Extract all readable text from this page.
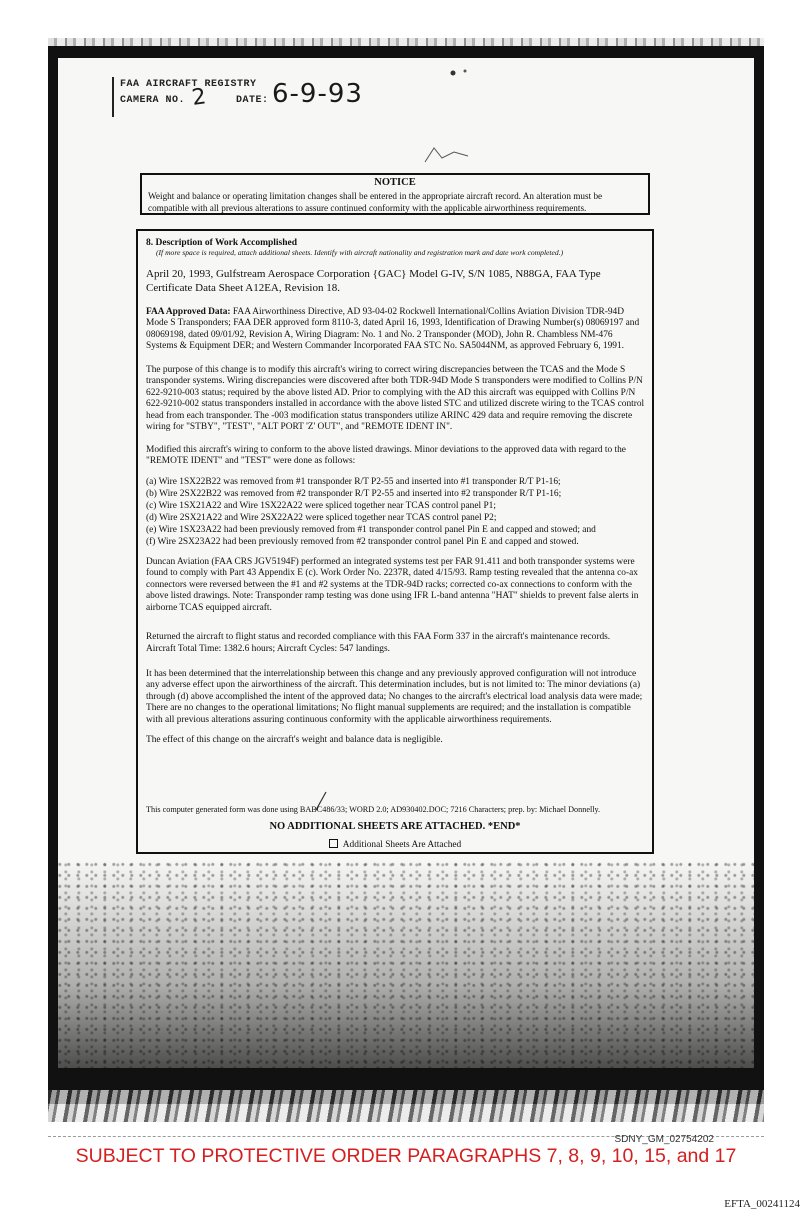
FAA AIRCRAFT REGISTRY
CAMERA NO. 2	DATE: 6-9-93
NOTICE
Weight and balance or operating limitation changes shall be entered in the appropriate aircraft record. An alteration must be compatible with all previous alterations to assure continued conformity with the applicable airworthiness requirements.
8. Description of Work Accomplished
(If more space is required, attach additional sheets. Identify with aircraft nationality and registration mark and date work completed.)

April 20, 1993, Gulfstream Aerospace Corporation {GAC} Model G-IV, S/N 1085, N88GA, FAA Type Certificate Data Sheet A12EA, Revision 18.

FAA Approved Data: FAA Airworthiness Directive, AD 93-04-02 Rockwell International/Collins Aviation Division TDR-94D Mode S Transponders; FAA DER approved form 8110-3, dated April 16, 1993, Identification of Drawing Number(s) 08069197 and 08069198, dated 09/01/92, Revision A, Wiring Diagram: No. 1 and No. 2 Transponder (MOD), John R. Chambless NM-476 Systems & Equipment DER; and Western Commander Incorporated FAA STC No. SA5044NM, as approved February 6, 1991.

The purpose of this change is to modify this aircraft's wiring to correct wiring discrepancies between the TCAS and the Mode S transponder systems. Wiring discrepancies were discovered after both TDR-94D Mode S transponders were modified to Collins P/N 622-9210-003 status; required by the above listed AD. Prior to complying with the AD this aircraft was equipped with Collins P/N 622-9210-002 status transponders installed in accordance with the above listed STC and utilized discrete wiring to the TCAS control head from each transponder. The -003 modification status transponders utilize ARINC 429 data and require removing the discrete wiring for "STBY", "TEST", "ALT PORT 'Z' OUT", and "REMOTE IDENT IN".

Modified this aircraft's wiring to conform to the above listed drawings. Minor deviations to the approved data with regard to the "REMOTE IDENT" and "TEST" were done as follows:

(a) Wire 1SX22B22 was removed from #1 transponder R/T P2-55 and inserted into #1 transponder R/T P1-16;
(b) Wire 2SX22B22 was removed from #2 transponder R/T P2-55 and inserted into #2 transponder R/T P1-16;
(c) Wire 1SX21A22 and Wire 1SX22A22 were spliced together near TCAS control panel P1;
(d) Wire 2SX21A22 and Wire 2SX22A22 were spliced together near TCAS control panel P2;
(e) Wire 1SX23A22 had been previously removed from #1 transponder control panel Pin E and capped and stowed; and
(f) Wire 2SX23A22 had been previously removed from #2 transponder control panel Pin E and capped and stowed.

Duncan Aviation (FAA CRS JGV5194F) performed an integrated systems test per FAR 91.411 and both transponder systems were found to comply with Part 43 Appendix E (c). Work Order No. 2237R, dated 4/15/93. Ramp testing revealed that the antenna co-ax connectors were reversed between the #1 and #2 systems at the TDR-94D racks; corrected co-ax connections to conform with the above listed drawings. Note: Transponder ramp testing was done using IFR L-band antenna "HAT" shields to prevent false alerts in airborne TCAS equipped aircraft.

Returned the aircraft to flight status and recorded compliance with this FAA Form 337 in the aircraft's maintenance records.

Aircraft Total Time: 1382.6 hours; Aircraft Cycles: 547 landings.

It has been determined that the interrelationship between this change and any previously approved configuration will not introduce any adverse effect upon the airworthiness of the aircraft. This determination includes, but is not limited to: The minor deviations (a) through (d) above accomplished the intent of the approved data; No changes to the aircraft's electrical load analysis data were made; There are no changes to the operational limitations; No flight manual supplements are required; and the installation is compatible with all previous alterations assuring continuous conformity with the applicable airworthiness requirements.

The effect of this change on the aircraft's weight and balance data is negligible.

This computer generated form was done using BABC486/33; WORD 2.0; AD930402.DOC; 7216 Characters; prep. by: Michael Donnelly.

NO ADDITIONAL SHEETS ARE ATTACHED. *END*
Additional Sheets Are Attached
SDNY_GM_02754202
SUBJECT TO PROTECTIVE ORDER PARAGRAPHS 7, 8, 9, 10, 15, and 17
EFTA_00241124
